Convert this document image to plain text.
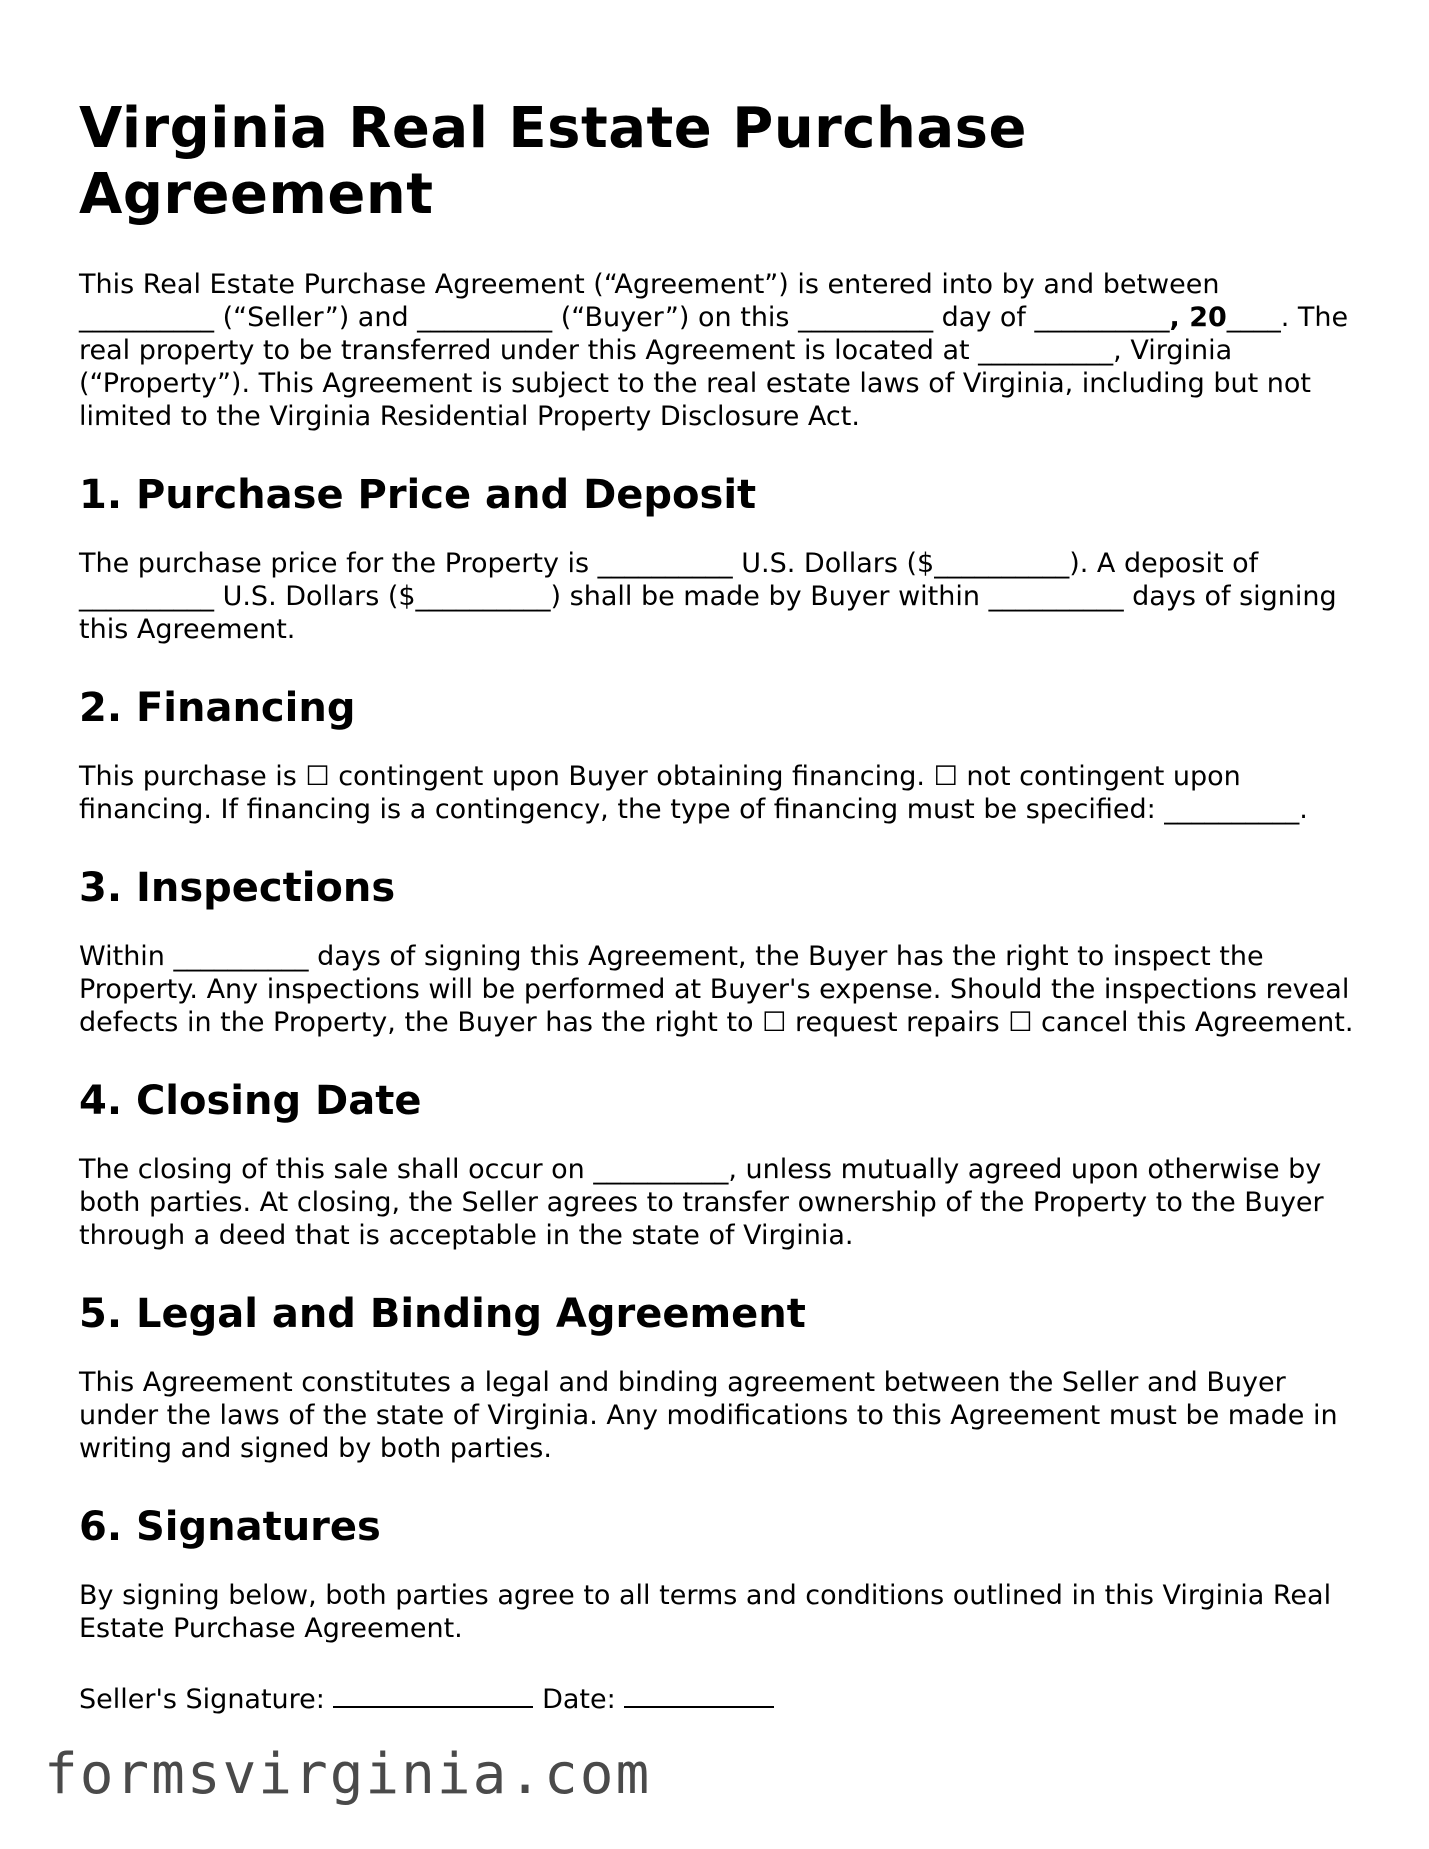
Virginia Real Estate Purchase Agreement

This Real Estate Purchase Agreement (“Agreement”) is entered into by and between __________ (“Seller”) and __________ (“Buyer”) on this __________ day of __________, 20____. The real property to be transferred under this Agreement is located at __________, Virginia (“Property”). This Agreement is subject to the real estate laws of Virginia, including but not limited to the Virginia Residential Property Disclosure Act.

1. Purchase Price and Deposit

The purchase price for the Property is __________ U.S. Dollars ($__________). A deposit of __________ U.S. Dollars ($__________) shall be made by Buyer within __________ days of signing this Agreement.

2. Financing

This purchase is ☐ contingent upon Buyer obtaining financing. ☐ not contingent upon financing. If financing is a contingency, the type of financing must be specified: __________.

3. Inspections

Within __________ days of signing this Agreement, the Buyer has the right to inspect the Property. Any inspections will be performed at Buyer's expense. Should the inspections reveal defects in the Property, the Buyer has the right to ☐ request repairs ☐ cancel this Agreement.

4. Closing Date

The closing of this sale shall occur on __________, unless mutually agreed upon otherwise by both parties. At closing, the Seller agrees to transfer ownership of the Property to the Buyer through a deed that is acceptable in the state of Virginia.

5. Legal and Binding Agreement

This Agreement constitutes a legal and binding agreement between the Seller and Buyer under the laws of the state of Virginia. Any modifications to this Agreement must be made in writing and signed by both parties.

6. Signatures

By signing below, both parties agree to all terms and conditions outlined in this Virginia Real Estate Purchase Agreement.

Seller's Signature:	Date:
formsvirginia.com
